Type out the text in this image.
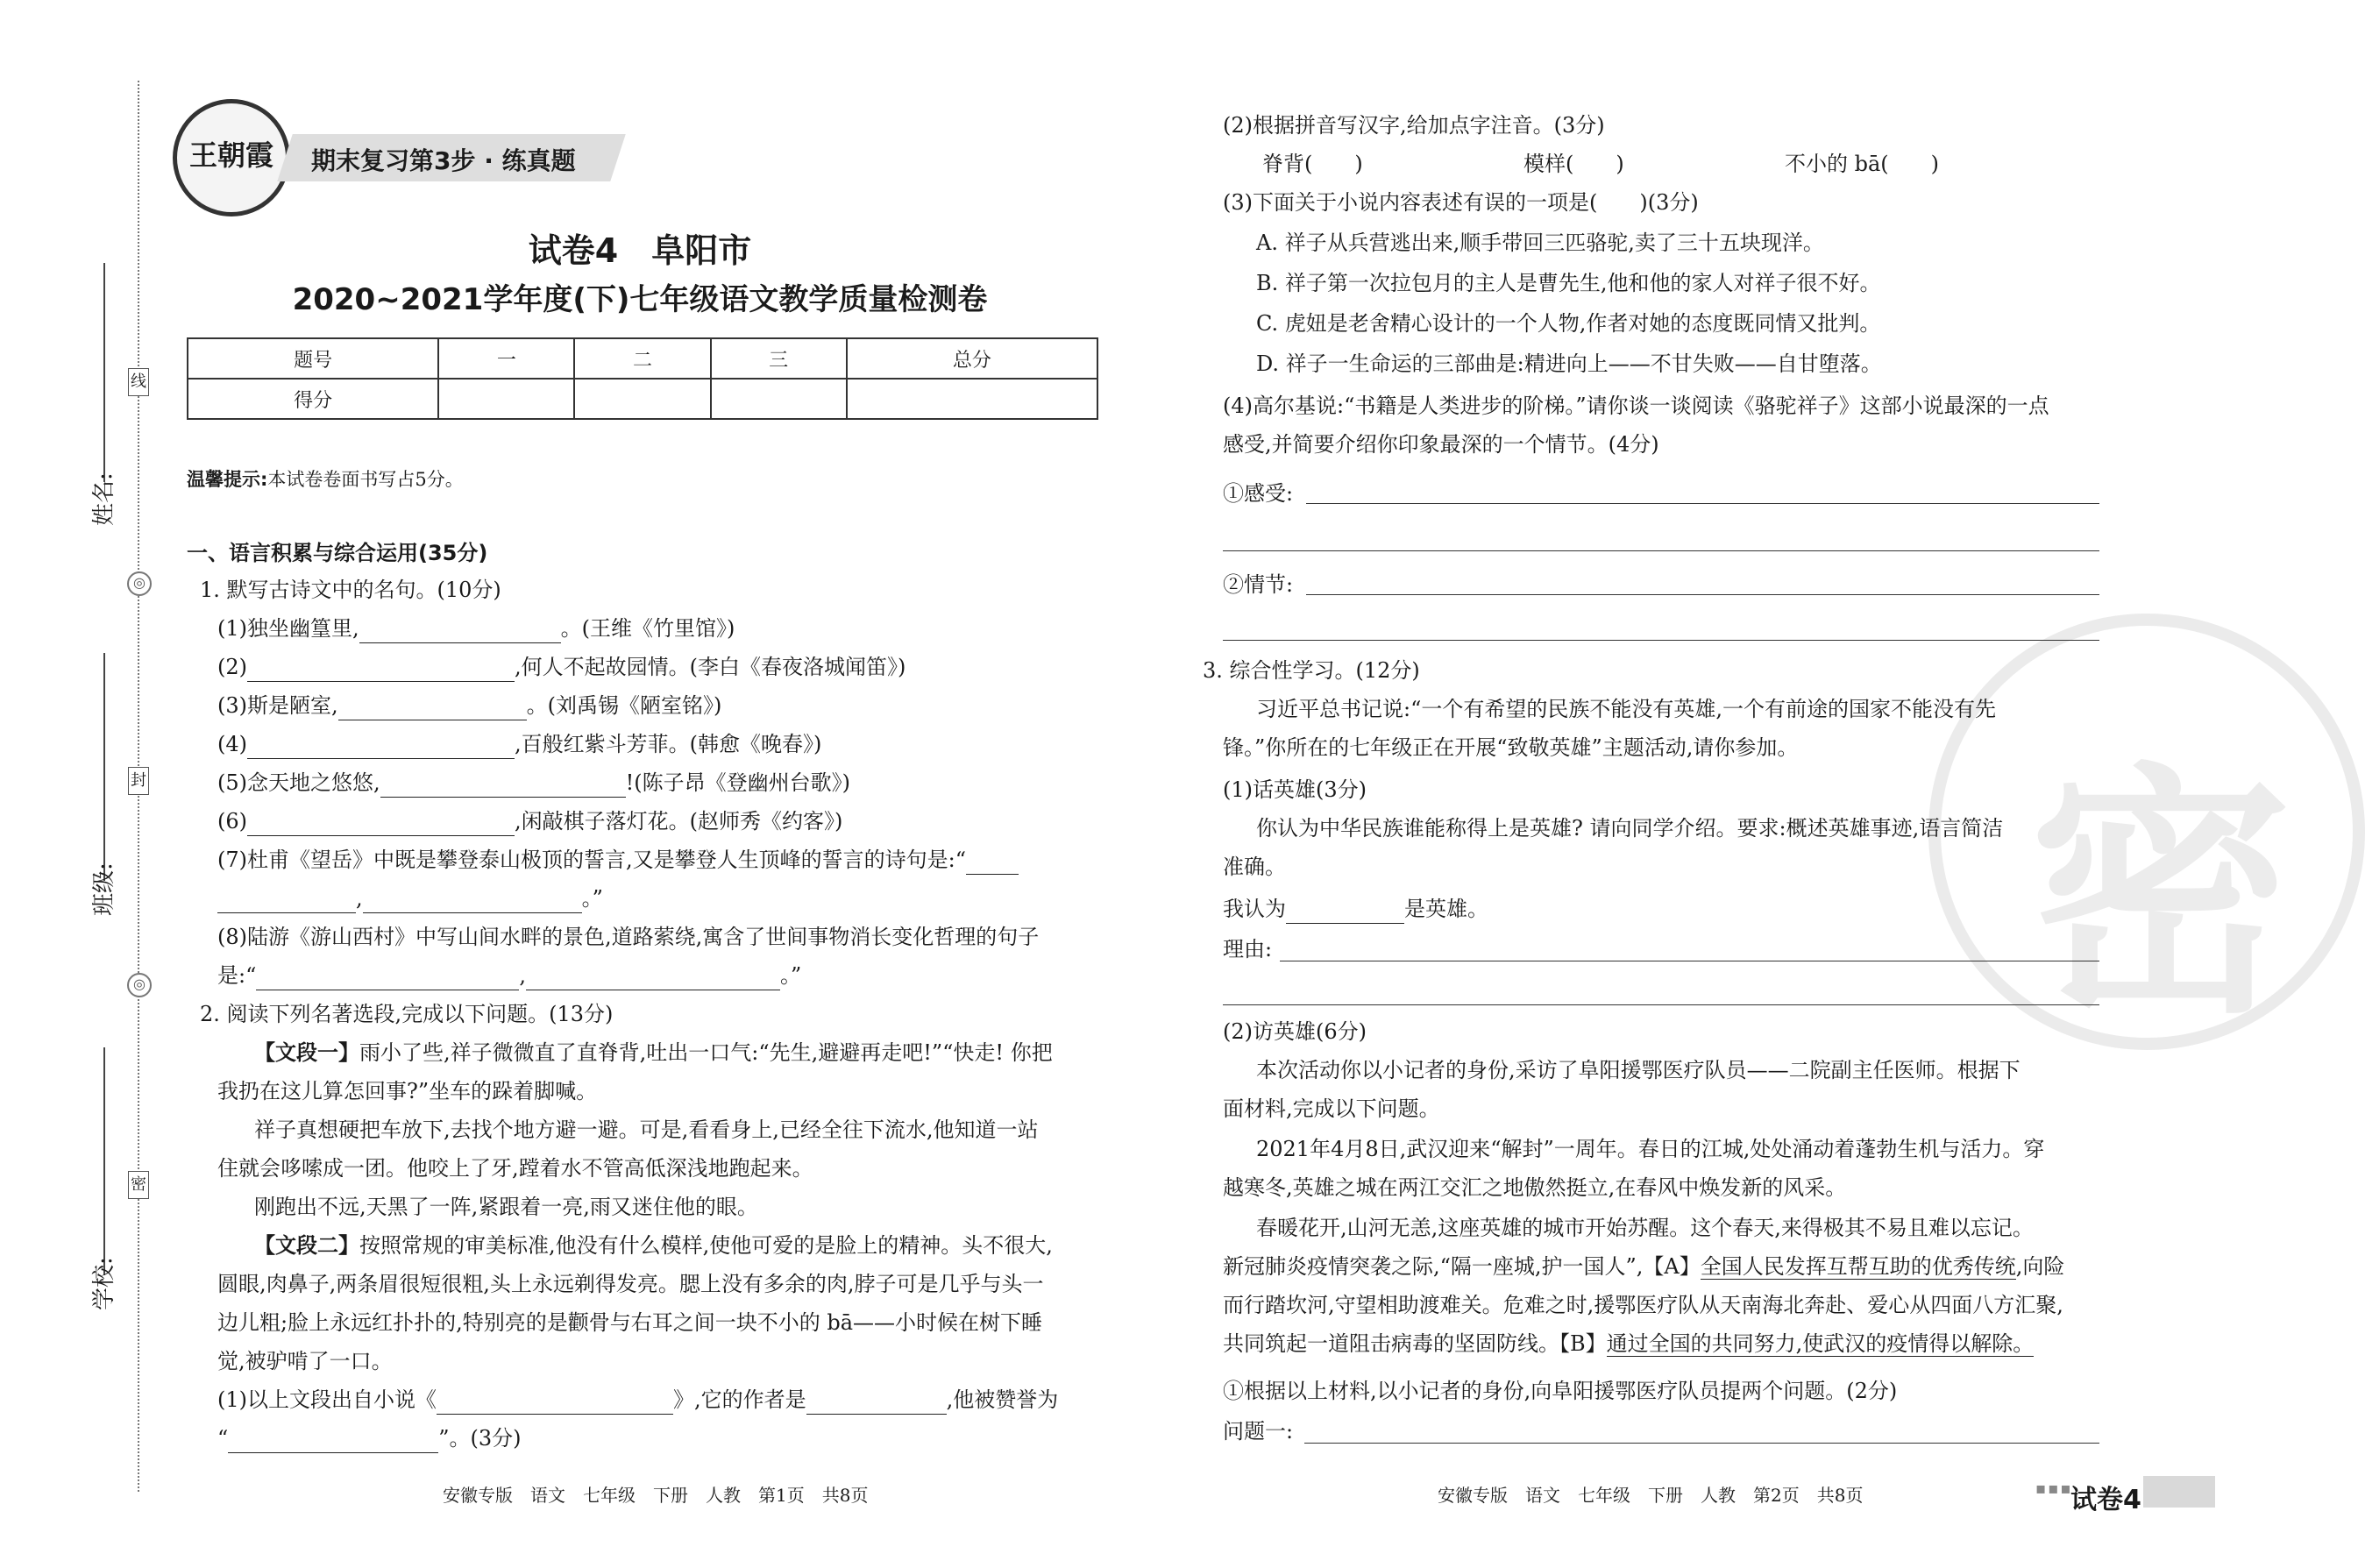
姓名:
班级:
学校:
线
封
密
◎
◎
王朝霞	期末复习第3步 · 练真题
试卷4　阜阳市
2020~2021学年度(下)七年级语文教学质量检测卷
题号	一	二	三	总分
得分				
温馨提示:本试卷卷面书写占5分。
一、语言积累与综合运用(35分)
1. 默写古诗文中的名句。(10分)
(1)独坐幽篁里,	。(王维《竹里馆》)
(2)	,何人不起故园情。(李白《春夜洛城闻笛》)
(3)斯是陋室,	。(刘禹锡《陋室铭》)
(4)	,百般红紫斗芳菲。(韩愈《晚春》)
(5)念天地之悠悠,	!(陈子昂《登幽州台歌》)
(6)	,闲敲棋子落灯花。(赵师秀《约客》)
(7)杜甫《望岳》中既是攀登泰山极顶的誓言,又是攀登人生顶峰的誓言的诗句是:“
,	。”
(8)陆游《游山西村》中写山间水畔的景色,道路萦绕,寓含了世间事物消长变化哲理的句子
是:“	,	。”
2. 阅读下列名著选段,完成以下问题。(13分)
【文段一】雨小了些,祥子微微直了直脊背,吐出一口气:“先生,避避再走吧!”“快走! 你把
我扔在这儿算怎回事?”坐车的跺着脚喊。
祥子真想硬把车放下,去找个地方避一避。可是,看看身上,已经全往下流水,他知道一站
住就会哆嗦成一团。他咬上了牙,蹚着水不管高低深浅地跑起来。
刚跑出不远,天黑了一阵,紧跟着一亮,雨又迷住他的眼。
【文段二】按照常规的审美标准,他没有什么模样,使他可爱的是脸上的精神。头不很大,
圆眼,肉鼻子,两条眉很短很粗,头上永远剃得发亮。腮上没有多余的肉,脖子可是几乎与头一
边儿粗;脸上永远红扑扑的,特别亮的是颧骨与右耳之间一块不小的 bā——小时候在树下睡
觉,被驴啃了一口。
(1)以上文段出自小说《	》,它的作者是	,他被赞誉为
“	”。(3分)
安徽专版　语文　七年级　下册　人教　第1页　共8页
密
(2)根据拼音写汉字,给加点字注音。(3分)
脊背(　　)	模样(　　)	不小的 bā(　　)
(3)下面关于小说内容表述有误的一项是(　　)(3分)
A. 祥子从兵营逃出来,顺手带回三匹骆驼,卖了三十五块现洋。
B. 祥子第一次拉包月的主人是曹先生,他和他的家人对祥子很不好。
C. 虎妞是老舍精心设计的一个人物,作者对她的态度既同情又批判。
D. 祥子一生命运的三部曲是:精进向上——不甘失败——自甘堕落。
(4)高尔基说:“书籍是人类进步的阶梯。”请你谈一谈阅读《骆驼祥子》这部小说最深的一点
感受,并简要介绍你印象最深的一个情节。(4分)
①感受:
②情节:
3. 综合性学习。(12分)
习近平总书记说:“一个有希望的民族不能没有英雄,一个有前途的国家不能没有先
锋。”你所在的七年级正在开展“致敬英雄”主题活动,请你参加。
(1)话英雄(3分)
你认为中华民族谁能称得上是英雄? 请向同学介绍。要求:概述英雄事迹,语言简洁
准确。
我认为	是英雄。
理由:
(2)访英雄(6分)
本次活动你以小记者的身份,采访了阜阳援鄂医疗队员——二院副主任医师。根据下
面材料,完成以下问题。
2021年4月8日,武汉迎来“解封”一周年。春日的江城,处处涌动着蓬勃生机与活力。穿
越寒冬,英雄之城在两江交汇之地傲然挺立,在春风中焕发新的风采。
春暖花开,山河无恙,这座英雄的城市开始苏醒。这个春天,来得极其不易且难以忘记。
新冠肺炎疫情突袭之际,“隔一座城,护一国人”,【A】全国人民发挥互帮互助的优秀传统,向险
而行踏坎河,守望相助渡难关。危难之时,援鄂医疗队从天南海北奔赴、爱心从四面八方汇聚,
共同筑起一道阻击病毒的坚固防线。【B】通过全国的共同努力,使武汉的疫情得以解除。
①根据以上材料,以小记者的身份,向阜阳援鄂医疗队员提两个问题。(2分)
问题一:
安徽专版　语文　七年级　下册　人教　第2页　共8页	▪▪▪
试卷4
